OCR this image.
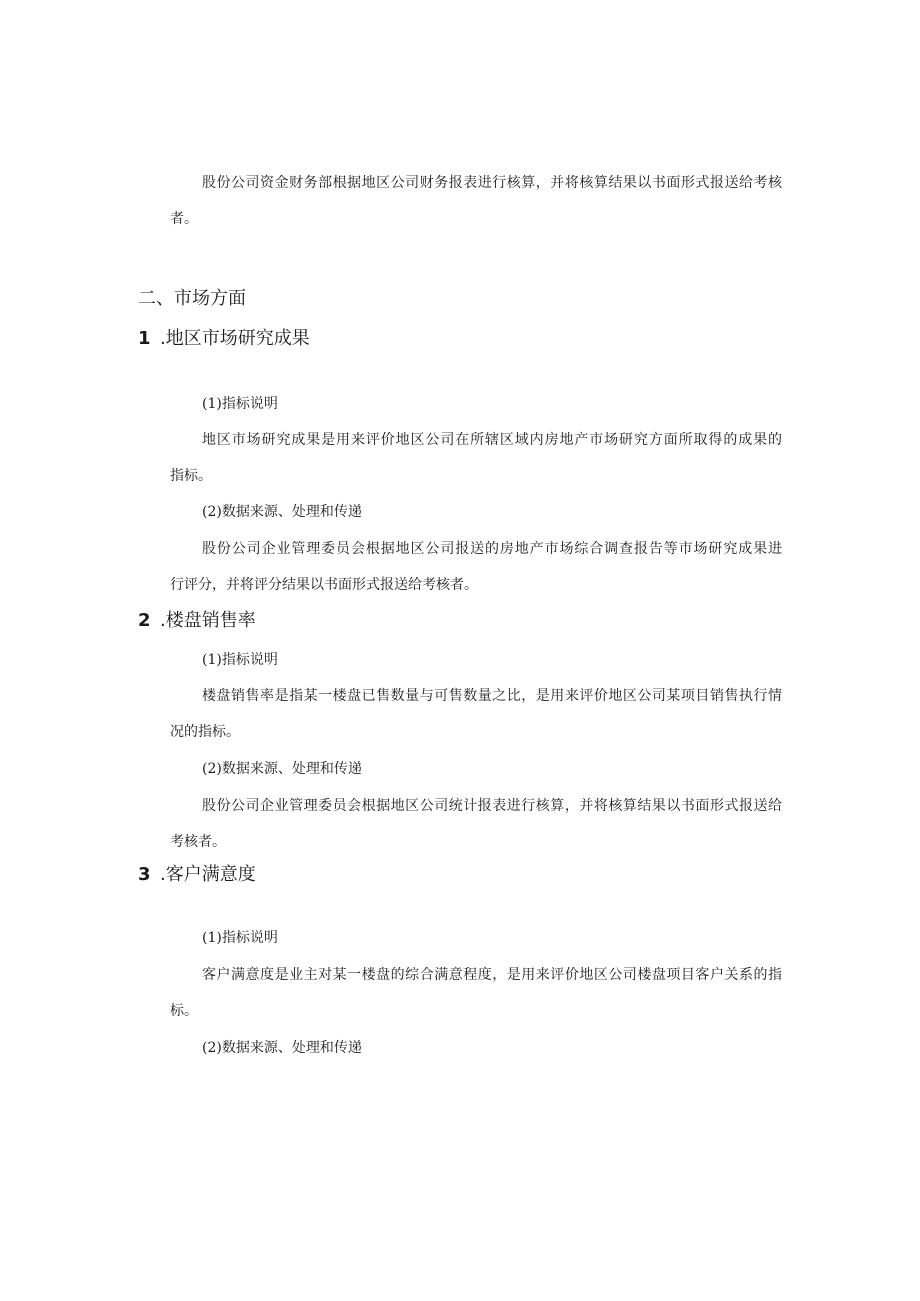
股份公司资金财务部根据地区公司财务报表进行核算，并将核算结果以书面形式报送给考核
者。
二、市场方面
1 .地区市场研究成果
(1)指标说明
地区市场研究成果是用来评价地区公司在所辖区域内房地产市场研究方面所取得的成果的
指标。
(2)数据来源、处理和传递
股份公司企业管理委员会根据地区公司报送的房地产市场综合调查报告等市场研究成果进
行评分，并将评分结果以书面形式报送给考核者。
2 .楼盘销售率
(1)指标说明
楼盘销售率是指某一楼盘已售数量与可售数量之比，是用来评价地区公司某项目销售执行情
况的指标。
(2)数据来源、处理和传递
股份公司企业管理委员会根据地区公司统计报表进行核算，并将核算结果以书面形式报送给
考核者。
3 .客户满意度
(1)指标说明
客户满意度是业主对某一楼盘的综合满意程度，是用来评价地区公司楼盘项目客户关系的指
标。
(2)数据来源、处理和传递
